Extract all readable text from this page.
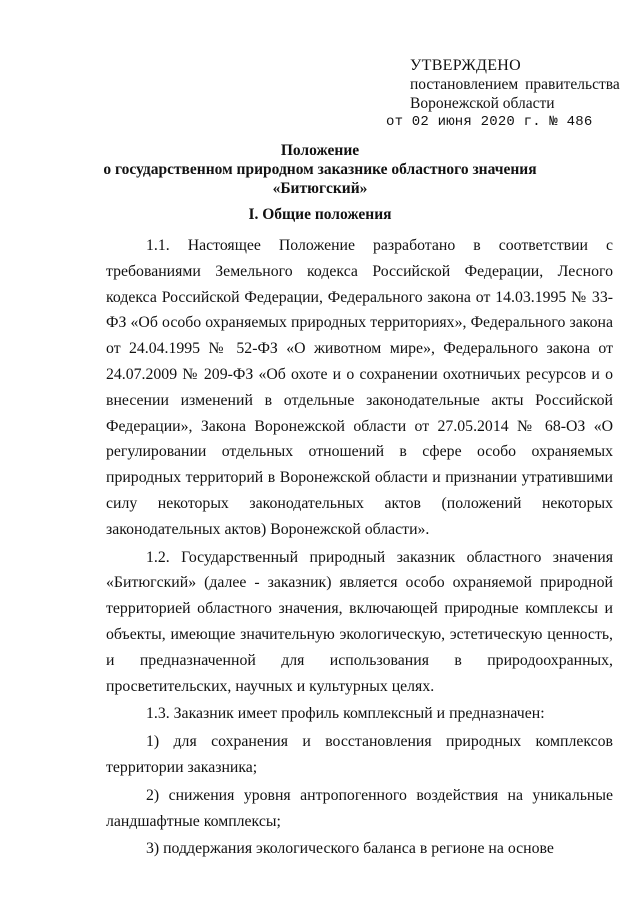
УТВЕРЖДЕНО
постановлением правительства
Воронежской области
от 02 июня 2020 г. № 486
Положение
о государственном природном заказнике областного значения
«Битюгский»
I. Общие положения

1.1. Настоящее Положение разработано в соответствии с требованиями Земельного кодекса Российской Федерации, Лесного кодекса Российской Федерации, Федерального закона от 14.03.1995 № 33-ФЗ «Об особо охраняемых природных территориях», Федерального закона от 24.04.1995 № 52-ФЗ «О животном мире», Федерального закона от 24.07.2009 № 209-ФЗ «Об охоте и о сохранении охотничьих ресурсов и о внесении изменений в отдельные законодательные акты Российской Федерации», Закона Воронежской области от 27.05.2014 № 68-ОЗ «О регулировании отдельных отношений в сфере особо охраняемых природных территорий в Воронежской области и признании утратившими силу некоторых законодательных актов (положений некоторых законодательных актов) Воронежской области».

1.2. Государственный природный заказник областного значения «Битюгский» (далее - заказник) является особо охраняемой природной территорией областного значения, включающей природные комплексы и объекты, имеющие значительную экологическую, эстетическую ценность, и предназначенной для использования в природоохранных, просветительских, научных и культурных целях.

1.3. Заказник имеет профиль комплексный и предназначен:

1) для сохранения и восстановления природных комплексов территории заказника;

2) снижения уровня антропогенного воздействия на уникальные ландшафтные комплексы;

3) поддержания экологического баланса в регионе на основе
